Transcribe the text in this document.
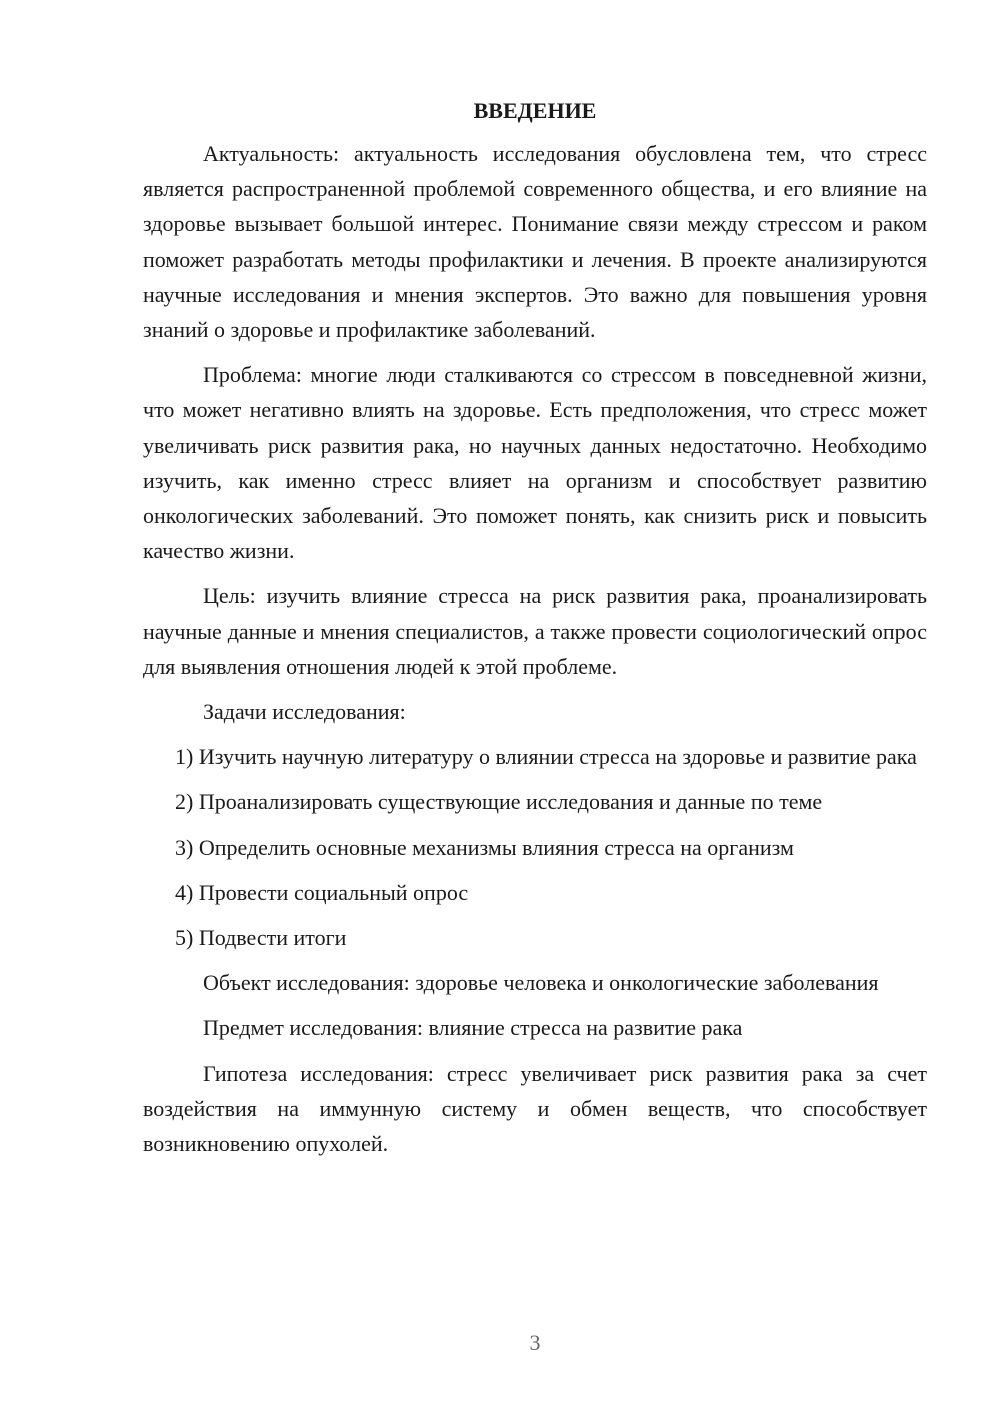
ВВЕДЕНИЕ

Актуальность: актуальность исследования обусловлена тем, что стресс является распространенной проблемой современного общества, и его влияние на здоровье вызывает большой интерес. Понимание связи между стрессом и раком поможет разработать методы профилактики и лечения. В проекте анализируются научные исследования и мнения экспертов. Это важно для повышения уровня знаний о здоровье и профилактике заболеваний.

Проблема: многие люди сталкиваются со стрессом в повседневной жизни, что может негативно влиять на здоровье. Есть предположения, что стресс может увеличивать риск развития рака, но научных данных недостаточно. Необходимо изучить, как именно стресс влияет на организм и способствует развитию онкологических заболеваний. Это поможет понять, как снизить риск и повысить качество жизни.

Цель: изучить влияние стресса на риск развития рака, проанализировать научные данные и мнения специалистов, а также провести социологический опрос для выявления отношения людей к этой проблеме.

Задачи исследования:

1) Изучить научную литературу о влиянии стресса на здоровье и развитие рака

2) Проанализировать существующие исследования и данные по теме

3) Определить основные механизмы влияния стресса на организм

4) Провести социальный опрос

5) Подвести итоги

Объект исследования: здоровье человека и онкологические заболевания

Предмет исследования: влияние стресса на развитие рака

Гипотеза исследования: стресс увеличивает риск развития рака за счет воздействия на иммунную систему и обмен веществ, что способствует возникновению опухолей.

3
